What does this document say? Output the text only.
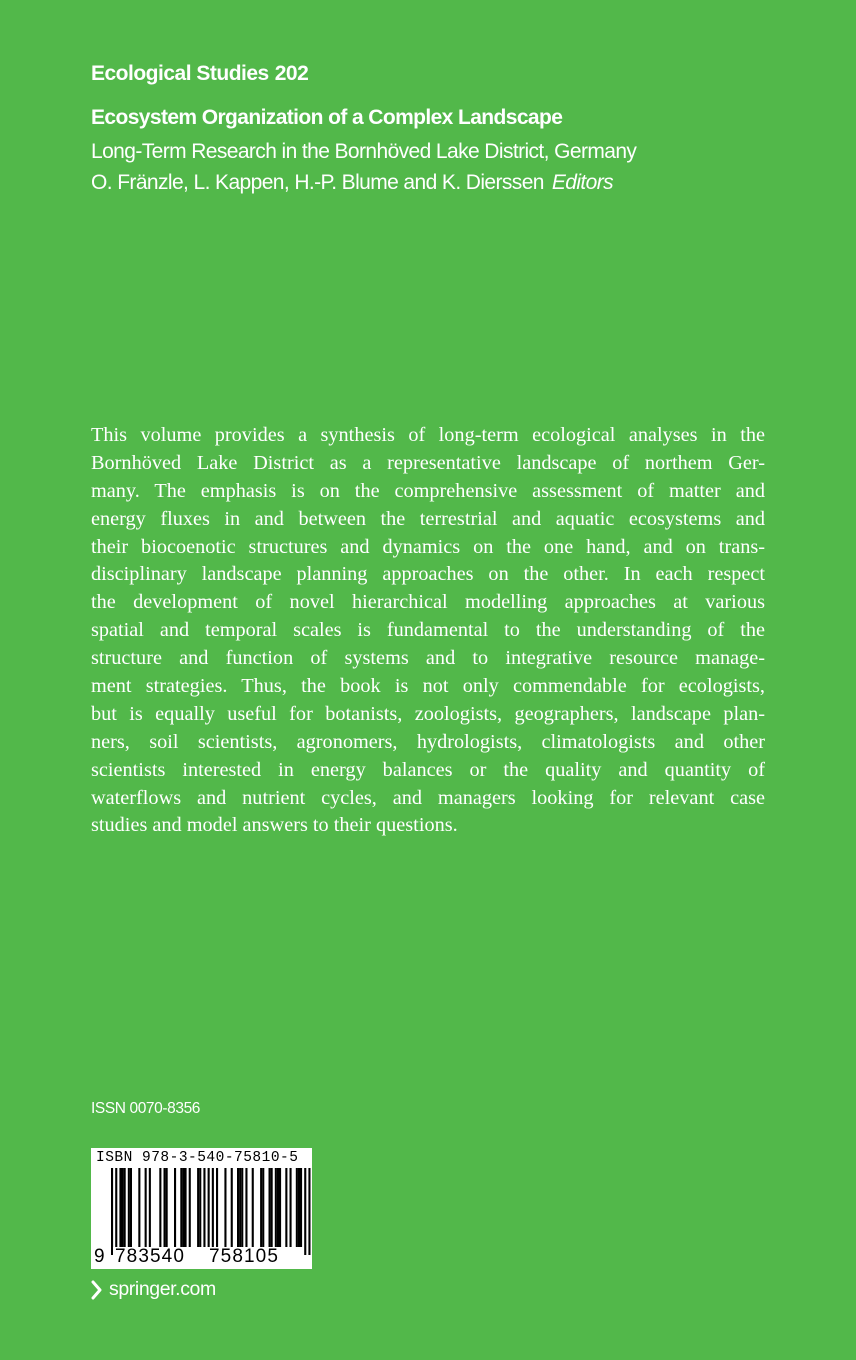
Ecological Studies 202
Ecosystem Organization of a Complex Landscape
Long-Term Research in the Bornhöved Lake District, Germany
O. Fränzle, L. Kappen, H.-P. Blume and K. Dierssen Editors
This volume provides a synthesis of long-term ecological analyses in the
Bornhöved Lake District as a representative landscape of northem Ger-
many. The emphasis is on the comprehensive assessment of matter and
energy fluxes in and between the terrestrial and aquatic ecosystems and
their biocoenotic structures and dynamics on the one hand, and on trans-
disciplinary landscape planning approaches on the other. In each respect
the development of novel hierarchical modelling approaches at various
spatial and temporal scales is fundamental to the understanding of the
structure and function of systems and to integrative resource manage-
ment strategies. Thus, the book is not only commendable for ecologists,
but is equally useful for botanists, zoologists, geographers, landscape plan-
ners, soil scientists, agronomers, hydrologists, climatologists and other
scientists interested in energy balances or the quality and quantity of
waterflows and nutrient cycles, and managers looking for relevant case
studies and model answers to their questions.
ISSN 0070-8356
ISBN 978-3-540-75810-5
9 783540 758105
springer.com
